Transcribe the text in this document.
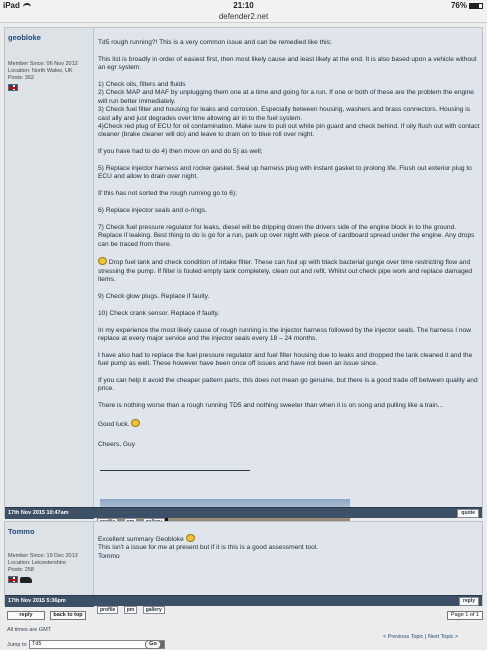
iPad	21:10	76%
defender2.net
geobloke
Member Since: 06 Nov 2012
Location: North Wales, UK
Posts: 362

Td5 rough running?! This is a very common issue and can be remedied like this;

This list is broadly in order of easiest first, then most likely cause and least likely at the end. It is also based upon a vehicle without an egr system.

1) Check oils, filters and fluids
2) Check MAP and MAF by unplugging them one at a time and going for a run. If one or both of these are the problem the engine will run better immediately.
3) Check fuel filter and housing for leaks and corrosion. Especially between housing, washers and brass connectors. Housing is cast ally and just degrades over time allowing air in to the fuel system.
4)Check red plug of ECU for oil contamination. Make sure to pull out white pin guard and check behind. If oily flush out with contact cleaner (brake cleaner will do) and leave to drain on to blue roll over night.

If you have had to do 4) then move on and do 5) as well;

5) Replace injector harness and rocker gasket. Seal up harness plug with instant gasket to prolong life. Flush out exterior plug to ECU and allow to drain over night.

If this has not sorted the rough running go to 6);

6) Replace injector seals and o-rings.

7) Check fuel pressure regulator for leaks, diesel will be dripping down the drivers side of the engine block in to the ground. Replace if leaking. Best thing to do is go for a run, park up over night with piece of cardboard spread under the engine. Any drops can be traced from there.

Drop fuel tank and check condition of intake filter. These can foul up with black bacterial gunge over time restricting flow and stressing the pump. If filter is fouled empty tank completely, clean out and refit. Whilst out check pipe work and replace damaged items.

9) Check glow plugs. Replace if faulty.

10) Check crank sensor. Replace if faulty.

In my experience the most likely cause of rough running is the injector harness followed by the injector seals. The harness I now replace at every major service and the injector seals every 18 – 24 months.

I have also had to replace the fuel pressure regulator and fuel filter housing due to leaks and dropped the tank cleaned it and the fuel pump as well. These however have been once off issues and have not been an issue since.

If you can help it avoid the cheaper pattern parts, this does not mean go genuine, but there is a good trade off between quality and price.

There is nothing worse than a rough running TD5 and nothing sweeter than when it is on song and pulling like a train...

Good luck.

Cheers, Guy

17th Nov 2015 10:47am
	quote
Tommo
Member Since: 19 Dec 2013
Location: Leicestershire
Posts: 258
Excellent summary Geobloke
This isn't a issue for me at present but if it is this is a good assessment tool.
Tommo
17th Nov 2015 5:36pm
profile pm gallery
reply
reply	back to top	Page 1 of 1
All times are GMT
< Previous Topic | Next Topic >
Jump to Td5	Go
